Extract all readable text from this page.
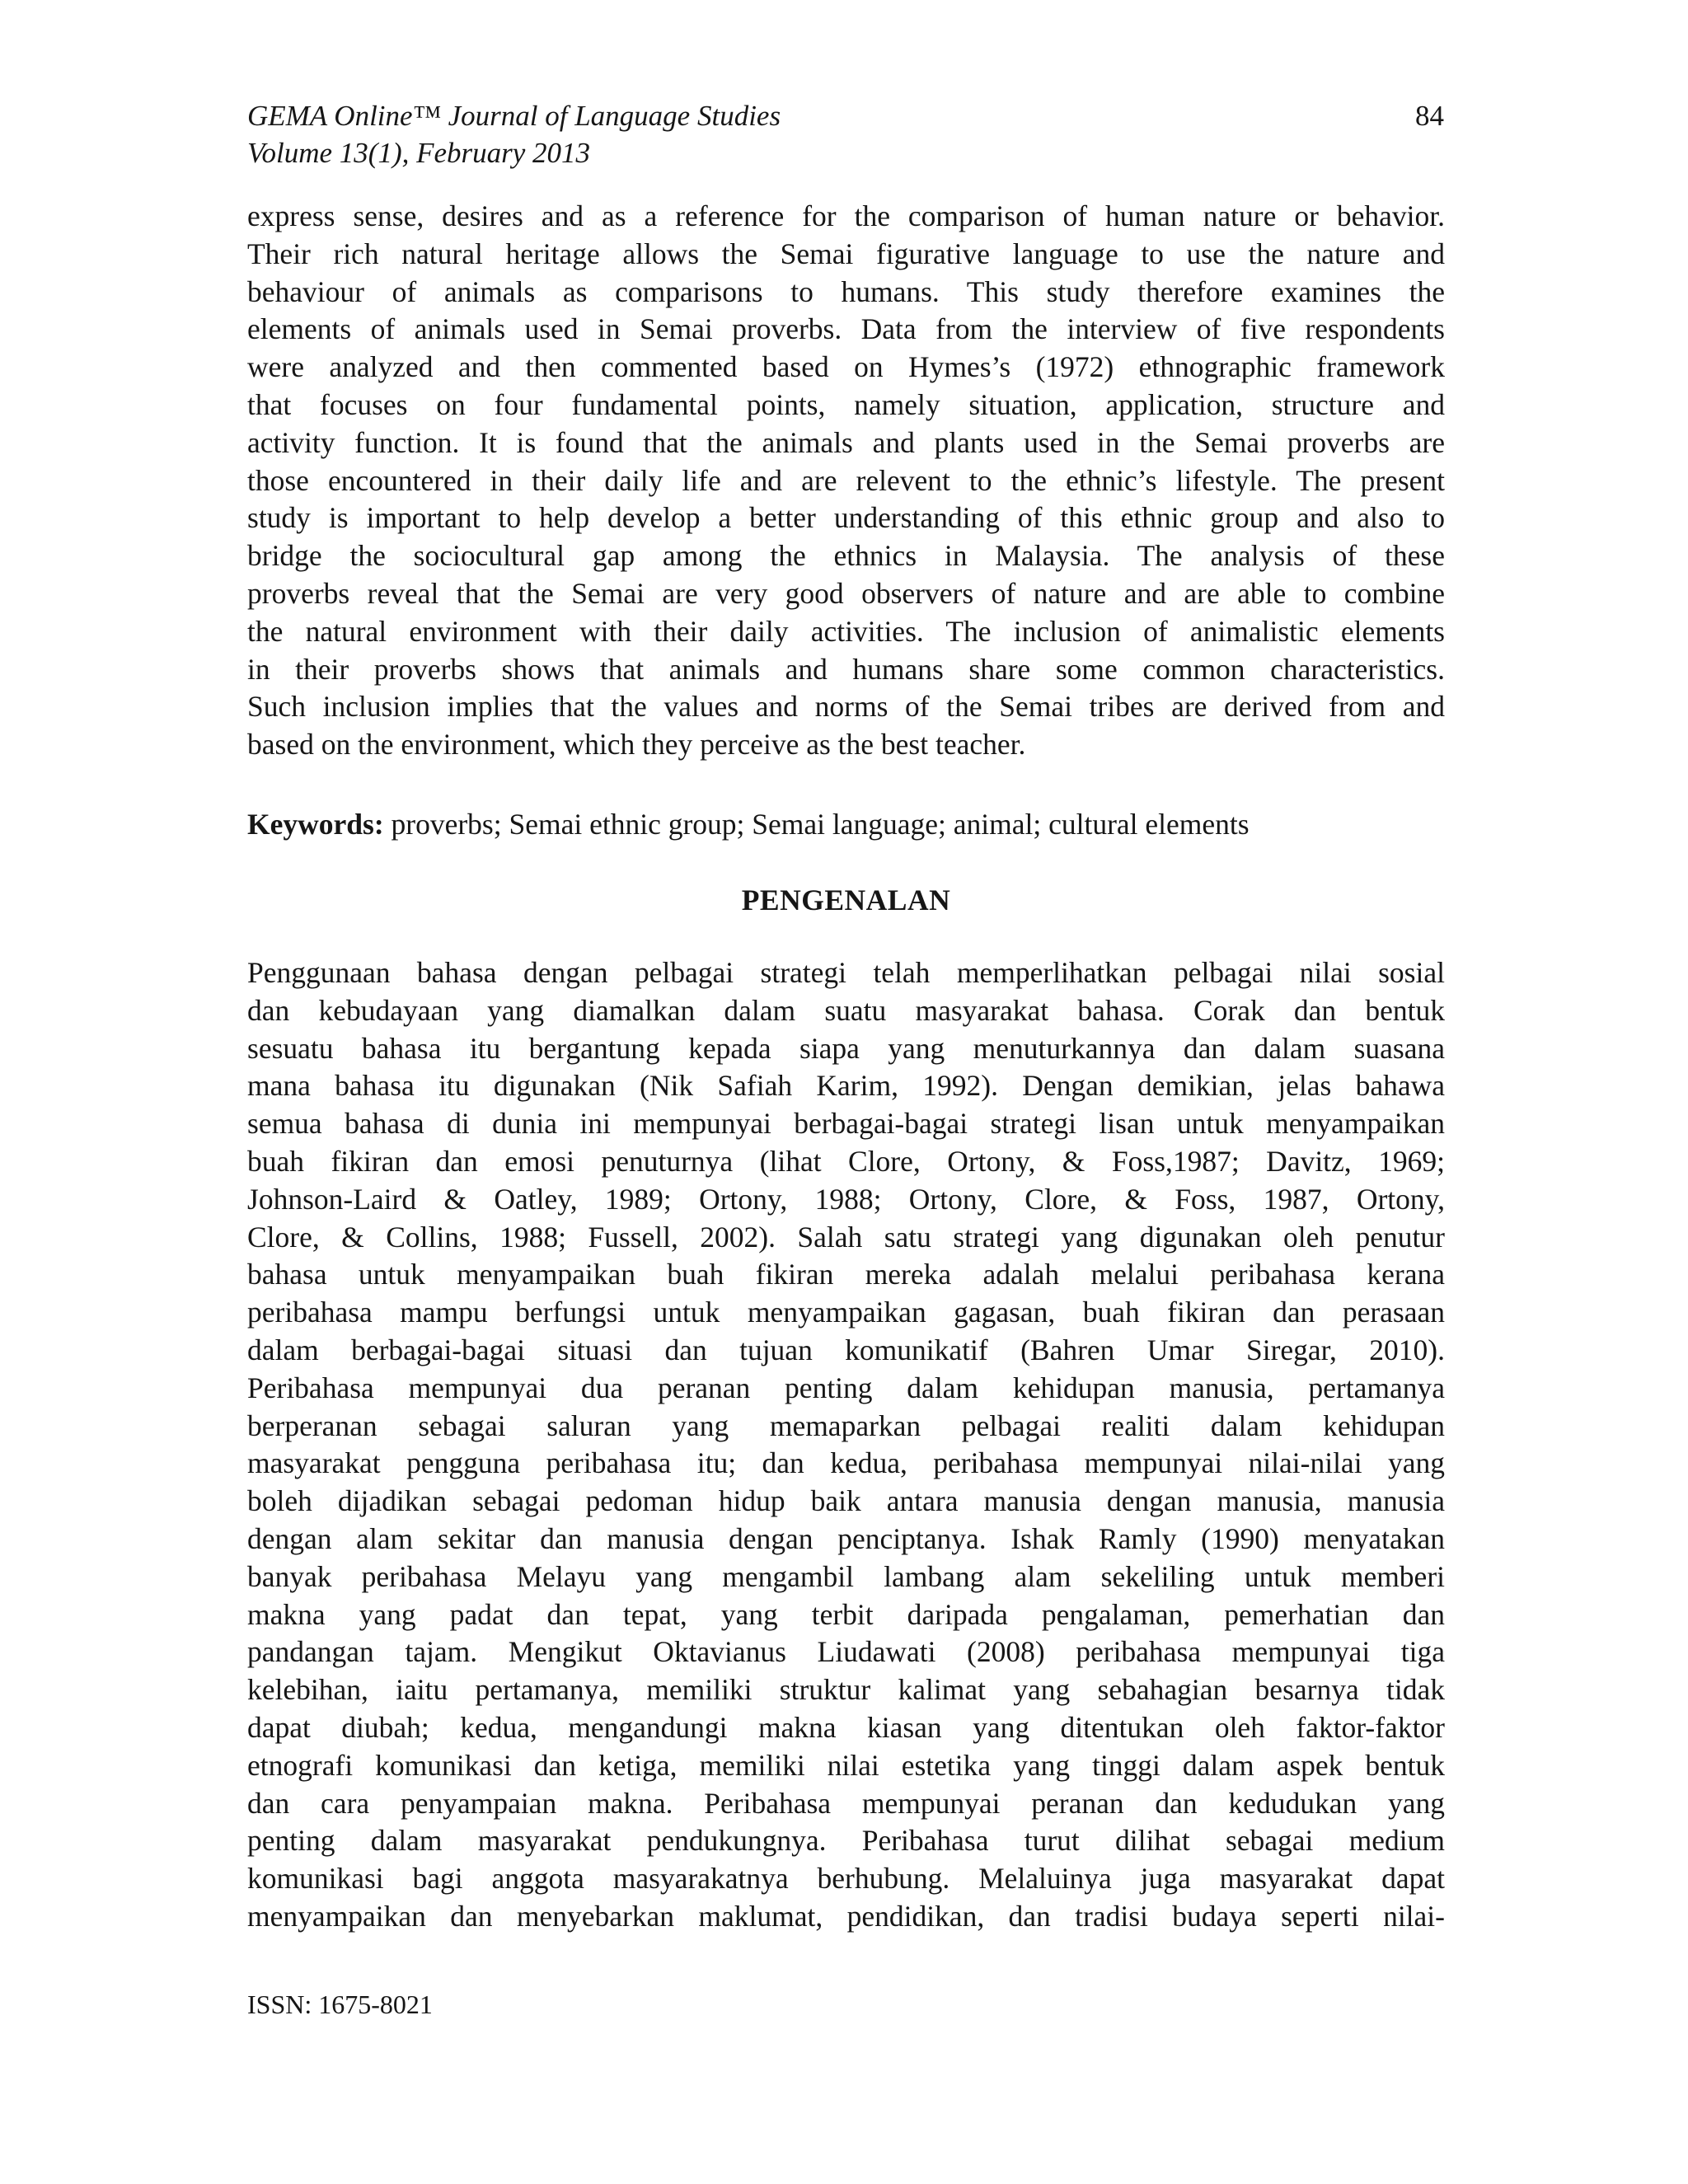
GEMA Online™ Journal of Language Studies
Volume 13(1), February 2013
84
express sense, desires and as a reference for the comparison of human nature or behavior.
Their rich natural heritage allows the Semai figurative language to use the nature and
behaviour of animals as comparisons to humans. This study therefore examines the
elements of animals used in Semai proverbs. Data from the interview of five respondents
were analyzed and then commented based on Hymes’s (1972) ethnographic framework
that focuses on four fundamental points, namely situation, application, structure and
activity function. It is found that the animals and plants used in the Semai proverbs are
those encountered in their daily life and are relevent to the ethnic’s lifestyle. The present
study is important to help develop a better understanding of this ethnic group and also to
bridge the sociocultural gap among the ethnics in Malaysia. The analysis of these
proverbs reveal that the Semai are very good observers of nature and are able to combine
the natural environment with their daily activities. The inclusion of animalistic elements
in their proverbs shows that animals and humans share some common characteristics.
Such inclusion implies that the values and norms of the Semai tribes are derived from and
based on the environment, which they perceive as the best teacher.
Keywords: proverbs; Semai ethnic group; Semai language; animal; cultural elements
PENGENALAN
Penggunaan bahasa dengan pelbagai strategi telah memperlihatkan pelbagai nilai sosial
dan kebudayaan yang diamalkan dalam suatu masyarakat bahasa. Corak dan bentuk
sesuatu bahasa itu bergantung kepada siapa yang menuturkannya dan dalam suasana
mana bahasa itu digunakan (Nik Safiah Karim, 1992). Dengan demikian, jelas bahawa
semua bahasa di dunia ini mempunyai berbagai-bagai strategi lisan untuk menyampaikan
buah fikiran dan emosi penuturnya (lihat Clore, Ortony, & Foss,1987; Davitz, 1969;
Johnson-Laird & Oatley, 1989; Ortony, 1988; Ortony, Clore, & Foss, 1987, Ortony,
Clore, & Collins, 1988; Fussell, 2002). Salah satu strategi yang digunakan oleh penutur
bahasa untuk menyampaikan buah fikiran mereka adalah melalui peribahasa kerana
peribahasa mampu berfungsi untuk menyampaikan gagasan, buah fikiran dan perasaan
dalam berbagai-bagai situasi dan tujuan komunikatif (Bahren Umar Siregar, 2010).
Peribahasa mempunyai dua peranan penting dalam kehidupan manusia, pertamanya
berperanan sebagai saluran yang memaparkan pelbagai realiti dalam kehidupan
masyarakat pengguna peribahasa itu; dan kedua, peribahasa mempunyai nilai-nilai yang
boleh dijadikan sebagai pedoman hidup baik antara manusia dengan manusia, manusia
dengan alam sekitar dan manusia dengan penciptanya. Ishak Ramly (1990) menyatakan
banyak peribahasa Melayu yang mengambil lambang alam sekeliling untuk memberi
makna yang padat dan tepat, yang terbit daripada pengalaman, pemerhatian dan
pandangan tajam. Mengikut Oktavianus Liudawati (2008) peribahasa mempunyai tiga
kelebihan, iaitu pertamanya, memiliki struktur kalimat yang sebahagian besarnya tidak
dapat diubah; kedua, mengandungi makna kiasan yang ditentukan oleh faktor-faktor
etnografi komunikasi dan ketiga, memiliki nilai estetika yang tinggi dalam aspek bentuk
dan cara penyampaian makna. Peribahasa mempunyai peranan dan kedudukan yang
penting dalam masyarakat pendukungnya. Peribahasa turut dilihat sebagai medium
komunikasi bagi anggota masyarakatnya berhubung. Melaluinya juga masyarakat dapat
menyampaikan dan menyebarkan maklumat, pendidikan, dan tradisi budaya seperti nilai-
ISSN: 1675-8021
